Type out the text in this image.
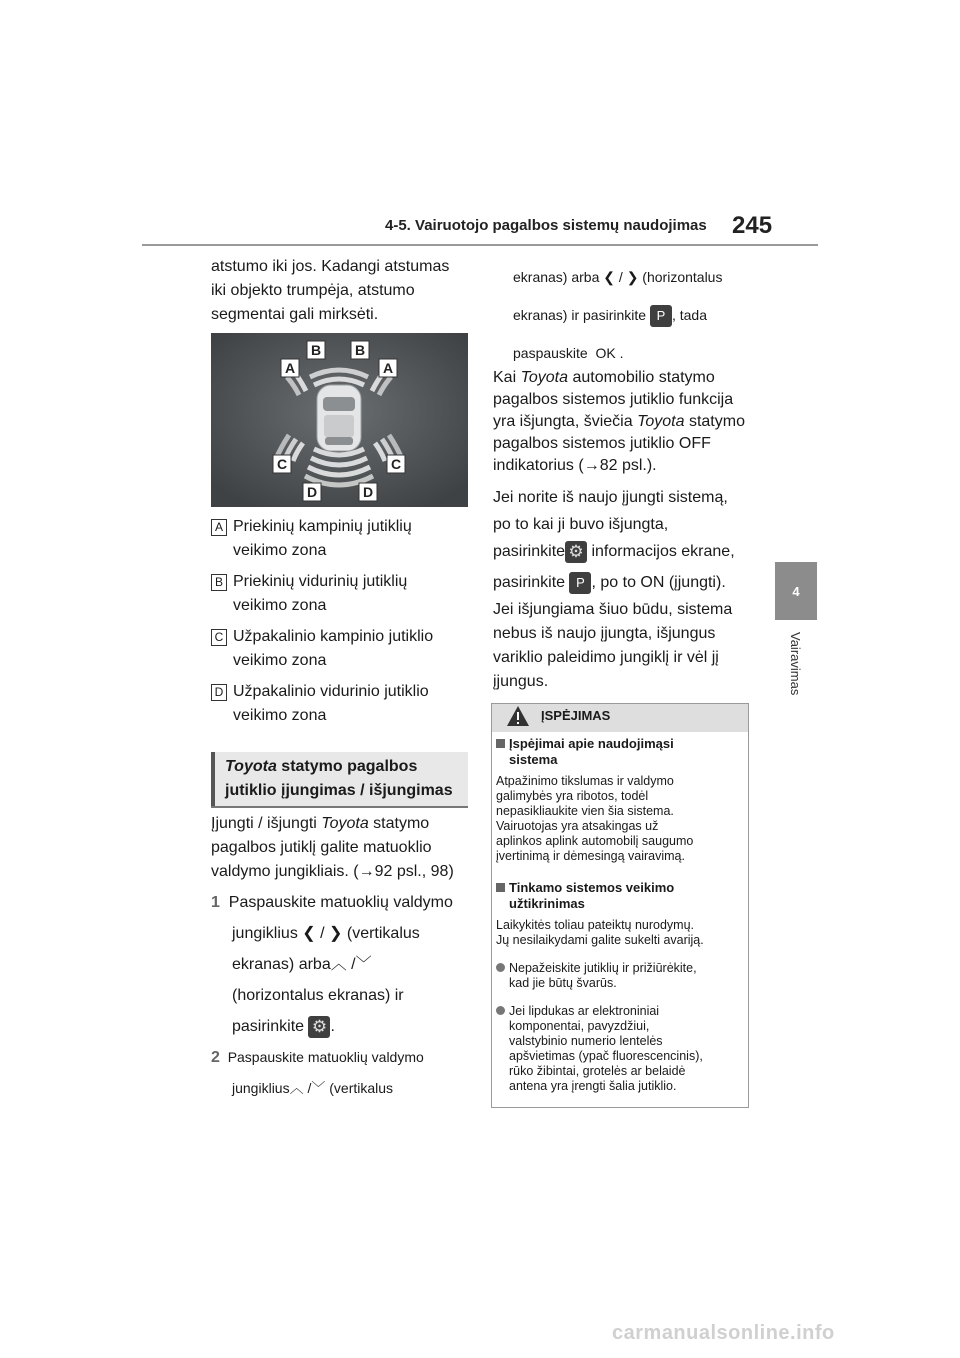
4-5. Vairuotojo pagalbos sistemų naudojimas 245
4
Vairavimas
atstumo iki jos. Kadangi atstumas
iki objekto trumpėja, atstumo
segmentai gali mirksėti.
B B
A	A
C	C
D	D
A Priekinių kampinių jutiklių veikimo zona
B Priekinių vidurinių jutiklių veikimo zona
C Užpakalinio kampinio jutiklio veikimo zona
D Užpakalinio vidurinio jutiklio veikimo zona
Toyota statymo pagalbos
jutiklio įjungimas / išjungimas
Įjungti / išjungti Toyota statymo
pagalbos jutiklį galite matuoklio
valdymo jungikliais. (→92 psl., 98)
1 Paspauskite matuoklių valdymo
jungiklius ❮ / ❯ (vertikalus
ekranas) arba︿ /﹀
(horizontalus ekranas) ir
pasirinkite ⚙ .
2 Paspauskite matuoklių valdymo
jungiklius︿ /﹀ (vertikalus
ekranas) arba ❮ / ❯ (horizontalus
ekranas) ir pasirinkite P , tada
paspauskite OK .
Kai Toyota automobilio statymo
pagalbos sistemos jutiklio funkcija
yra išjungta, šviečia Toyota statymo
pagalbos sistemos jutiklio OFF
indikatorius (→82 psl.).
Jei norite iš naujo įjungti sistemą,
po to kai ji buvo išjungta,
pasirinkite ⚙ informacijos ekrane,
pasirinkite P , po to ON (įjungti).
Jei išjungiama šiuo būdu, sistema
nebus iš naujo įjungta, išjungus
variklio paleidimo jungiklį ir vėl jį
įjungus.
ĮSPĖJIMAS
Įspėjimai apie naudojimąsi
sistema
Atpažinimo tikslumas ir valdymo
galimybės yra ribotos, todėl
nepasikliaukite vien šia sistema.
Vairuotojas yra atsakingas už
aplinkos aplink automobilį saugumo
įvertinimą ir dėmesingą vairavimą.
Tinkamo sistemos veikimo
užtikrinimas
Laikykitės toliau pateiktų nurodymų.
Jų nesilaikydami galite sukelti avariją.
Nepažeiskite jutiklių ir prižiūrėkite,
kad jie būtų švarūs.
Jei lipdukas ar elektroniniai
komponentai, pavyzdžiui,
valstybinio numerio lentelės
apšvietimas (ypač fluorescencinis),
rūko žibintai, grotelės ar belaidė
antena yra įrengti šalia jutiklio.
carmanualsonline.info
